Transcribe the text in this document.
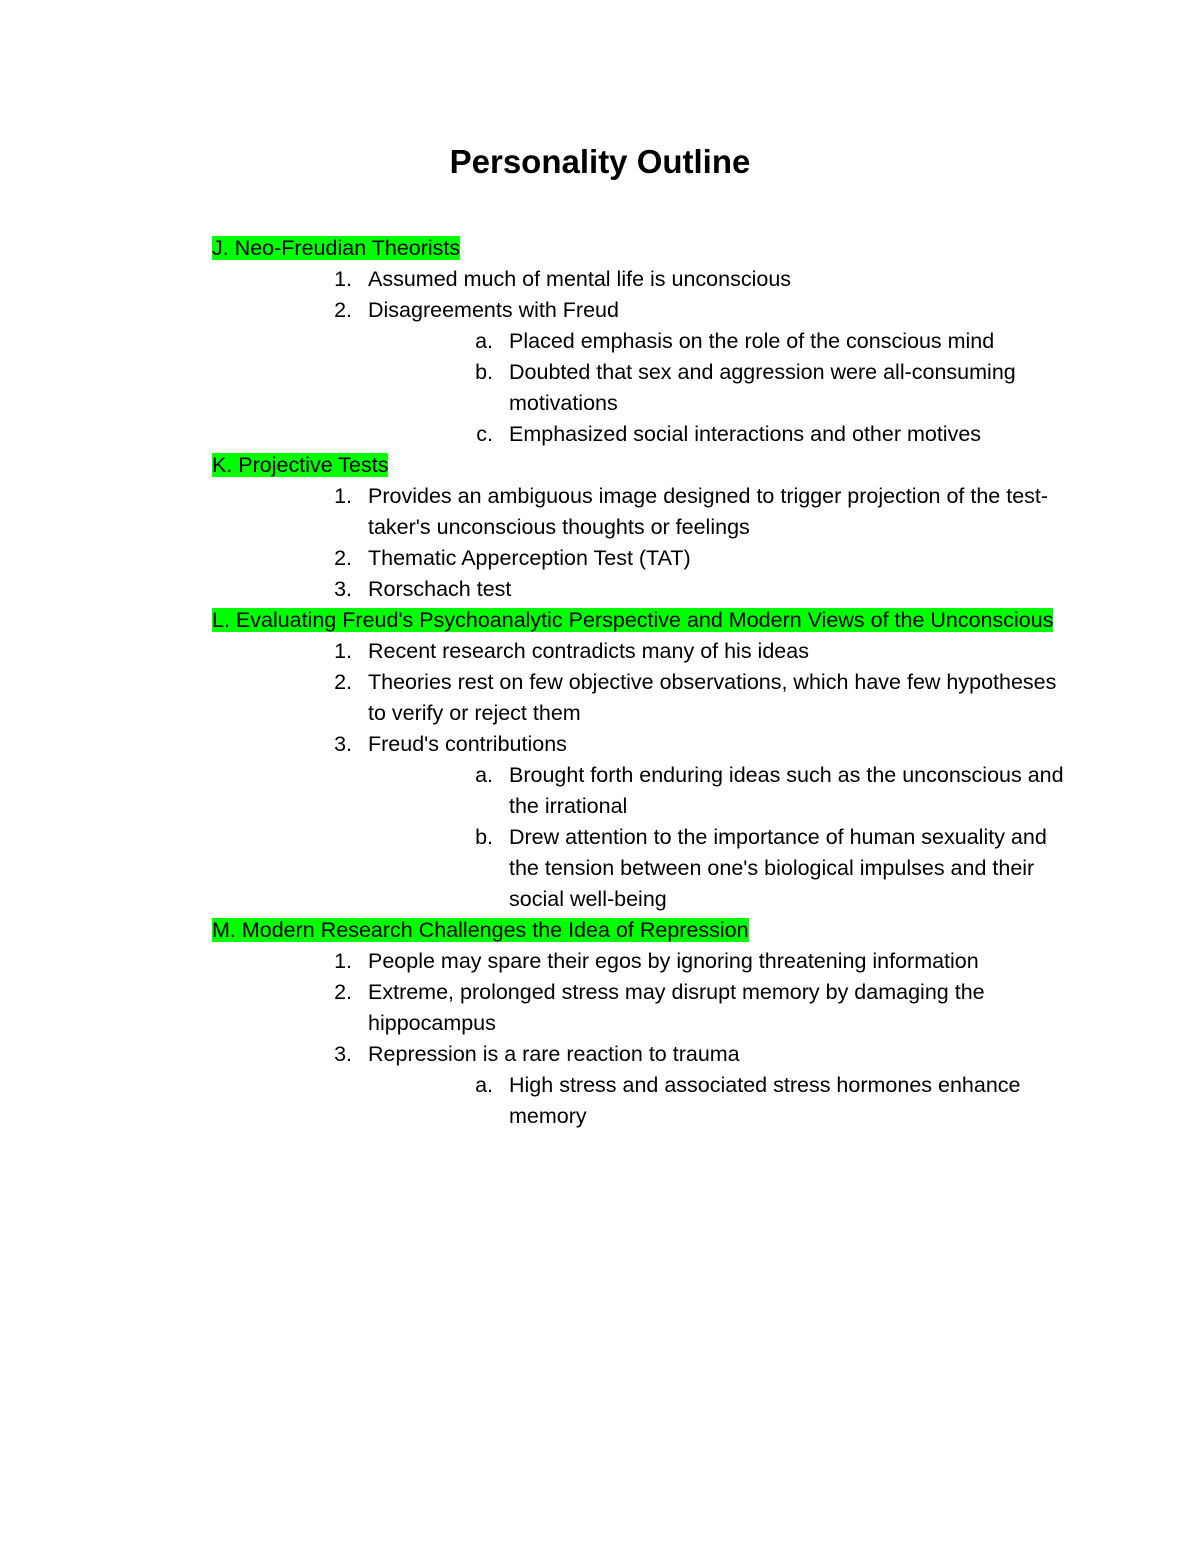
Personality Outline
J. Neo-Freudian Theorists
1. Assumed much of mental life is unconscious
2. Disagreements with Freud
a. Placed emphasis on the role of the conscious mind
b. Doubted that sex and aggression were all-consuming motivations
c. Emphasized social interactions and other motives
K. Projective Tests
1. Provides an ambiguous image designed to trigger projection of the test-taker's unconscious thoughts or feelings
2. Thematic Apperception Test (TAT)
3. Rorschach test
L. Evaluating Freud's Psychoanalytic Perspective and Modern Views of the Unconscious
1. Recent research contradicts many of his ideas
2. Theories rest on few objective observations, which have few hypotheses to verify or reject them
3. Freud's contributions
a. Brought forth enduring ideas such as the unconscious and the irrational
b. Drew attention to the importance of human sexuality and the tension between one's biological impulses and their social well-being
M. Modern Research Challenges the Idea of Repression
1. People may spare their egos by ignoring threatening information
2. Extreme, prolonged stress may disrupt memory by damaging the hippocampus
3. Repression is a rare reaction to trauma
a. High stress and associated stress hormones enhance memory
